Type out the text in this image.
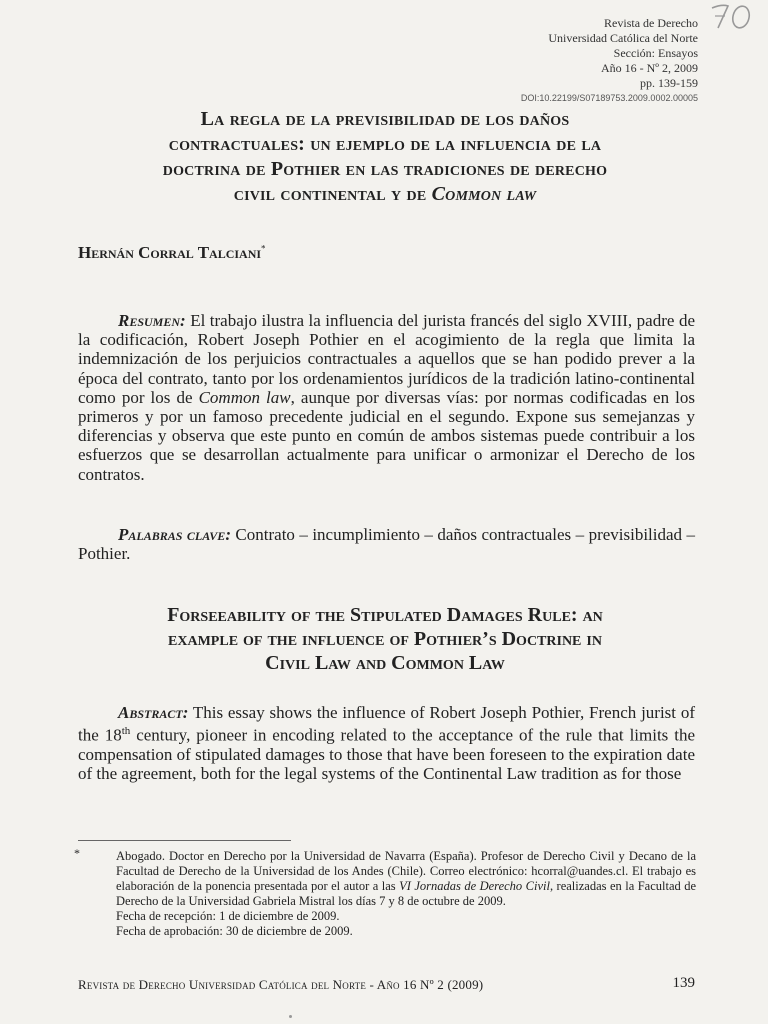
Revista de Derecho
Universidad Católica del Norte
Sección: Ensayos
Año 16 - Nº 2, 2009
pp. 139-159
DOI:10.22199/S07189753.2009.0002.00005
La regla de la previsibilidad de los daños
contractuales: un ejemplo de la influencia de la
doctrina de Pothier en las tradiciones de derecho
civil continental y de Common law
Hernán Corral Talciani*
Resumen: El trabajo ilustra la influencia del jurista francés del siglo XVIII, padre de la codificación, Robert Joseph Pothier en el acogimiento de la regla que limita la indemnización de los perjuicios contractuales a aquellos que se han podido prever a la época del contrato, tanto por los ordenamientos jurídicos de la tradición latino-continental como por los de Common law, aunque por diversas vías: por normas codificadas en los primeros y por un famoso precedente judicial en el segundo. Expone sus semejanzas y diferencias y observa que este punto en común de ambos sistemas puede contribuir a los esfuerzos que se desarrollan actualmente para unificar o armonizar el Derecho de los contratos.
Palabras clave: Contrato – incumplimiento – daños contractuales – previsibilidad – Pothier.
Forseeability of the Stipulated Damages Rule: an
example of the influence of Pothier’s Doctrine in
Civil Law and Common Law
Abstract: This essay shows the influence of Robert Joseph Pothier, French jurist of the 18th century, pioneer in encoding related to the acceptance of the rule that limits the compensation of stipulated damages to those that have been foreseen to the expiration date of the agreement, both for the legal systems of the Continental Law tradition as for those
*	Abogado. Doctor en Derecho por la Universidad de Navarra (España). Profesor de Derecho Civil y Decano de la Facultad de Derecho de la Universidad de los Andes (Chile). Correo electrónico: hcorral@uandes.cl. El trabajo es elaboración de la ponencia presentada por el autor a las VI Jornadas de Derecho Civil, realizadas en la Facultad de Derecho de la Universidad Gabriela Mistral los días 7 y 8 de octubre de 2009.
Fecha de recepción: 1 de diciembre de 2009.
Fecha de aprobación: 30 de diciembre de 2009.
Revista de Derecho Universidad Católica del Norte - Año 16 Nº 2 (2009)	139
